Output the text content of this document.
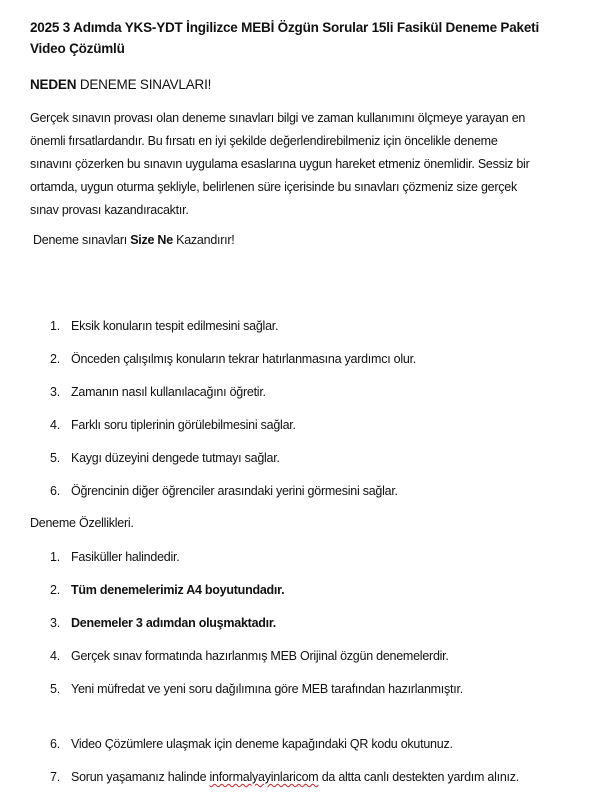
2025 3 Adımda YKS-YDT İngilizce MEBİ Özgün Sorular 15li Fasikül Deneme Paketi
Video Çözümlü
NEDEN DENEME SINAVLARI!
Gerçek sınavın provası olan deneme sınavları bilgi ve zaman kullanımını ölçmeye yarayan en
önemli fırsatlardandır. Bu fırsatı en iyi şekilde değerlendirebilmeniz için öncelikle deneme
sınavını çözerken bu sınavın uygulama esaslarına uygun hareket etmeniz önemlidir. Sessiz bir
ortamda, uygun oturma şekliyle, belirlenen süre içerisinde bu sınavları çözmeniz size gerçek
sınav provası kazandıracaktır.
Deneme sınavları Size Ne Kazandırır!
1. Eksik konuların tespit edilmesini sağlar.
2. Önceden çalışılmış konuların tekrar hatırlanmasına yardımcı olur.
3. Zamanın nasıl kullanılacağını öğretir.
4. Farklı soru tiplerinin görülebilmesini sağlar.
5. Kaygı düzeyini dengede tutmayı sağlar.
6. Öğrencinin diğer öğrenciler arasındaki yerini görmesini sağlar.
Deneme Özellikleri.
1. Fasiküller halindedir.
2. Tüm denemelerimiz A4 boyutundadır.
3. Denemeler 3 adımdan oluşmaktadır.
4. Gerçek sınav formatında hazırlanmış MEB Orijinal özgün denemelerdir.
5. Yeni müfredat ve yeni soru dağılımına göre MEB tarafından hazırlanmıştır.
6. Video Çözümlere ulaşmak için deneme kapağındaki QR kodu okutunuz.
7. Sorun yaşamanız halinde informalyayinlaricom da altta canlı destekten yardım alınız.
